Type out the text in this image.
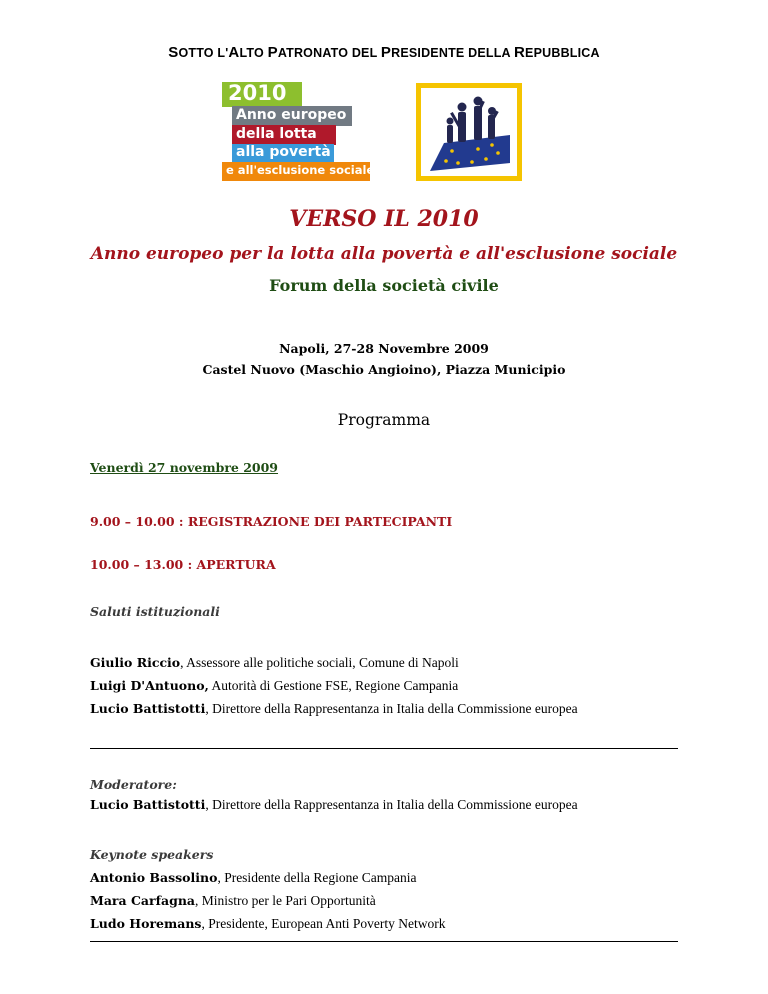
SOTTO L'ALTO PATRONATO DEL PRESIDENTE DELLA REPUBBLICA
2010
Anno europeo
della lotta
alla povertà
e all'esclusione sociale
VERSO IL 2010
Anno europeo per la lotta alla povertà e all'esclusione sociale
Forum della società civile
Napoli, 27-28 Novembre 2009
Castel Nuovo (Maschio Angioino), Piazza Municipio
Programma
Venerdì 27 novembre 2009
9.00 – 10.00 : REGISTRAZIONE DEI PARTECIPANTI
10.00 – 13.00 : APERTURA
Saluti istituzionali
Giulio Riccio, Assessore alle politiche sociali, Comune di Napoli
Luigi D'Antuono, Autorità di Gestione FSE, Regione Campania
Lucio Battistotti, Direttore della Rappresentanza in Italia della Commissione europea
Moderatore:
Lucio Battistotti, Direttore della Rappresentanza in Italia della Commissione europea
Keynote speakers
Antonio Bassolino, Presidente della Regione Campania
Mara Carfagna, Ministro per le Pari Opportunità
Ludo Horemans, Presidente, European Anti Poverty Network
